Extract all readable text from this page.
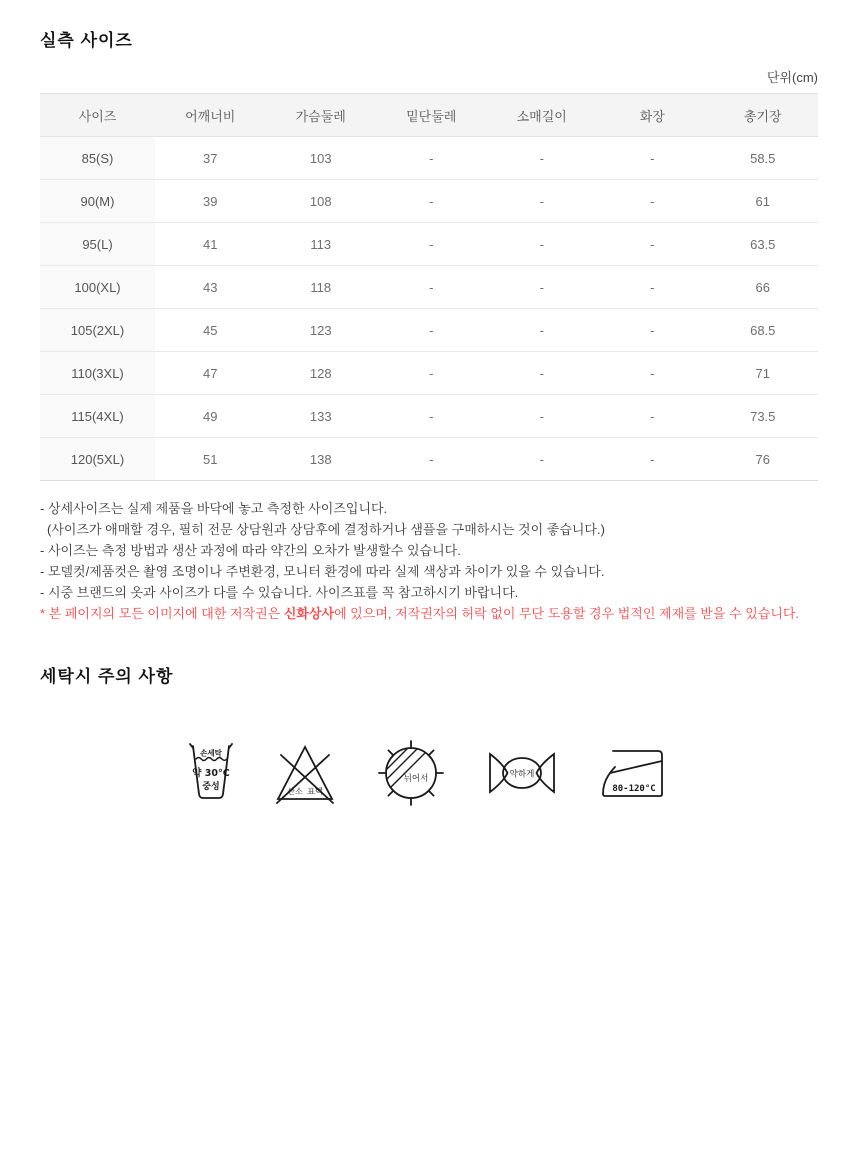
실측 사이즈
단위(cm)
사이즈	어깨너비	가슴둘레	밑단둘레	소매길이	화장	총기장
85(S)	37	103	-	-	-	58.5
90(M)	39	108	-	-	-	61
95(L)	41	113	-	-	-	63.5
100(XL)	43	118	-	-	-	66
105(2XL)	45	123	-	-	-	68.5
110(3XL)	47	128	-	-	-	71
115(4XL)	49	133	-	-	-	73.5
120(5XL)	51	138	-	-	-	76

- 상세사이즈는 실제 제품을 바닥에 놓고 측정한 사이즈입니다.

(사이즈가 애매할 경우, 필히 전문 상담원과 상담후에 결정하거나 샘플을 구매하시는 것이 좋습니다.)

- 사이즈는 측정 방법과 생산 과정에 따라 약간의 오차가 발생할수 있습니다.

- 모델컷/제품컷은 촬영 조명이나 주변환경, 모니터 환경에 따라 실제 색상과 차이가 있을 수 있습니다.

- 시중 브랜드의 옷과 사이즈가 다를 수 있습니다. 사이즈표를 꼭 참고하시기 바랍니다.

* 본 페이지의 모든 이미지에 대한 저작권은 신화상사에 있으며, 저작권자의 허락 없이 무단 도용할 경우 법적인 제재를 받을 수 있습니다.

세탁시 주의 사항
손세탁
약 30°C
중성	산소 표백
뉘어서	약하게
80-120°C
